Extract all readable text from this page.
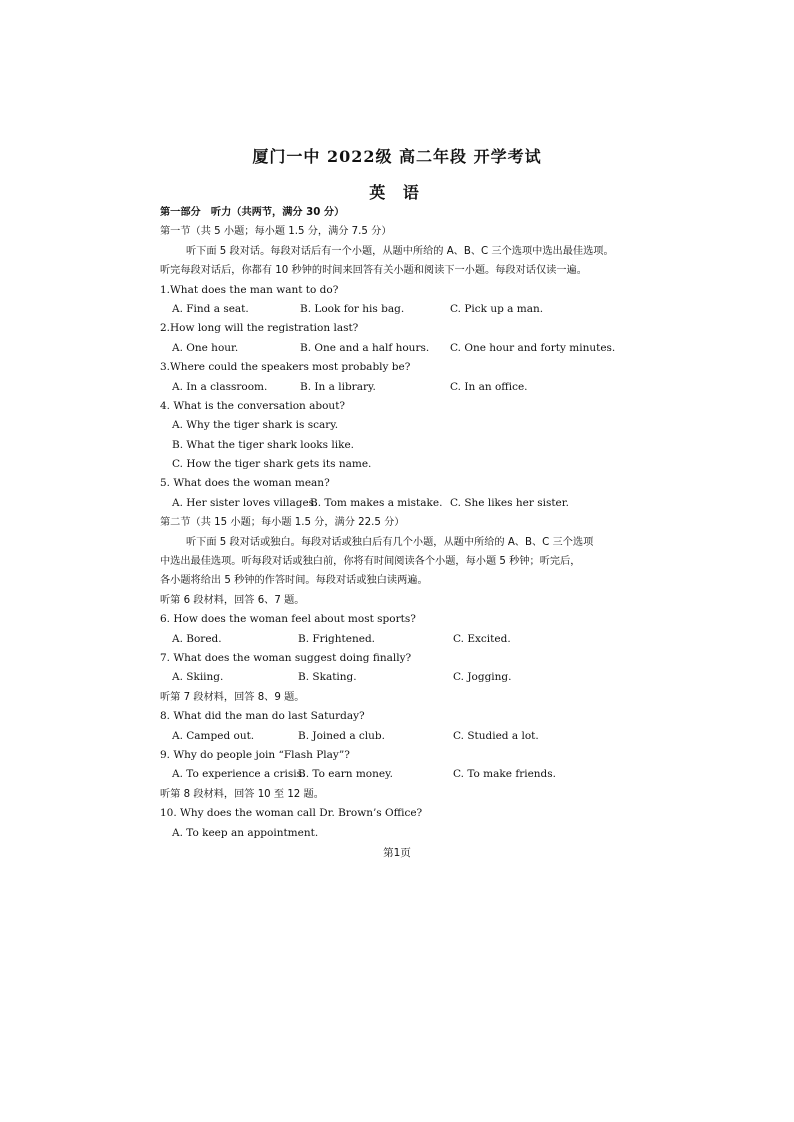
厦门一中 2022级 高二年段 开学考试
英 语
第一部分　听力（共两节，满分 30 分）
第一节（共 5 小题；每小题 1.5 分，满分 7.5 分）
听下面 5 段对话。每段对话后有一个小题，从题中所给的 A、B、C 三个选项中选出最佳选项。
听完每段对话后，你都有 10 秒钟的时间来回答有关小题和阅读下一小题。每段对话仅读一遍。
1.What does the man want to do?
A. Find a seat.	B. Look for his bag.	C. Pick up a man.
2.How long will the registration last?
A. One hour.	B. One and a half hours. C. One hour and forty minutes.
3.Where could the speakers most probably be?
A. In a classroom.	B. In a library.	C. In an office.
4. What is the conversation about?
A. Why the tiger shark is scary.
B. What the tiger shark looks like.
C. How the tiger shark gets its name.
5. What does the woman mean?
A. Her sister loves villages.
B. Tom makes a mistake. C. She likes her sister.
第二节（共 15 小题；每小题 1.5 分，满分 22.5 分）
听下面 5 段对话或独白。每段对话或独白后有几个小题，从题中所给的 A、B、C 三个选项
中选出最佳选项。听每段对话或独白前，你将有时间阅读各个小题，每小题 5 秒钟；听完后，
各小题将给出 5 秒钟的作答时间。每段对话或独白读两遍。
听第 6 段材料，回答 6、7 题。
6. How does the woman feel about most sports?
A. Bored.	B. Frightened.	C. Excited.
7. What does the woman suggest doing finally?
A. Skiing.	B. Skating.	C. Jogging.
听第 7 段材料，回答 8、9 题。
8. What did the man do last Saturday?
A. Camped out.	B. Joined a club.	C. Studied a lot.
9. Why do people join “Flash Play”?
A. To experience a crisis.
B. To earn money.	C. To make friends.
听第 8 段材料，回答 10 至 12 题。
10. Why does the woman call Dr. Brown’s Office?
A. To keep an appointment.
第1页
